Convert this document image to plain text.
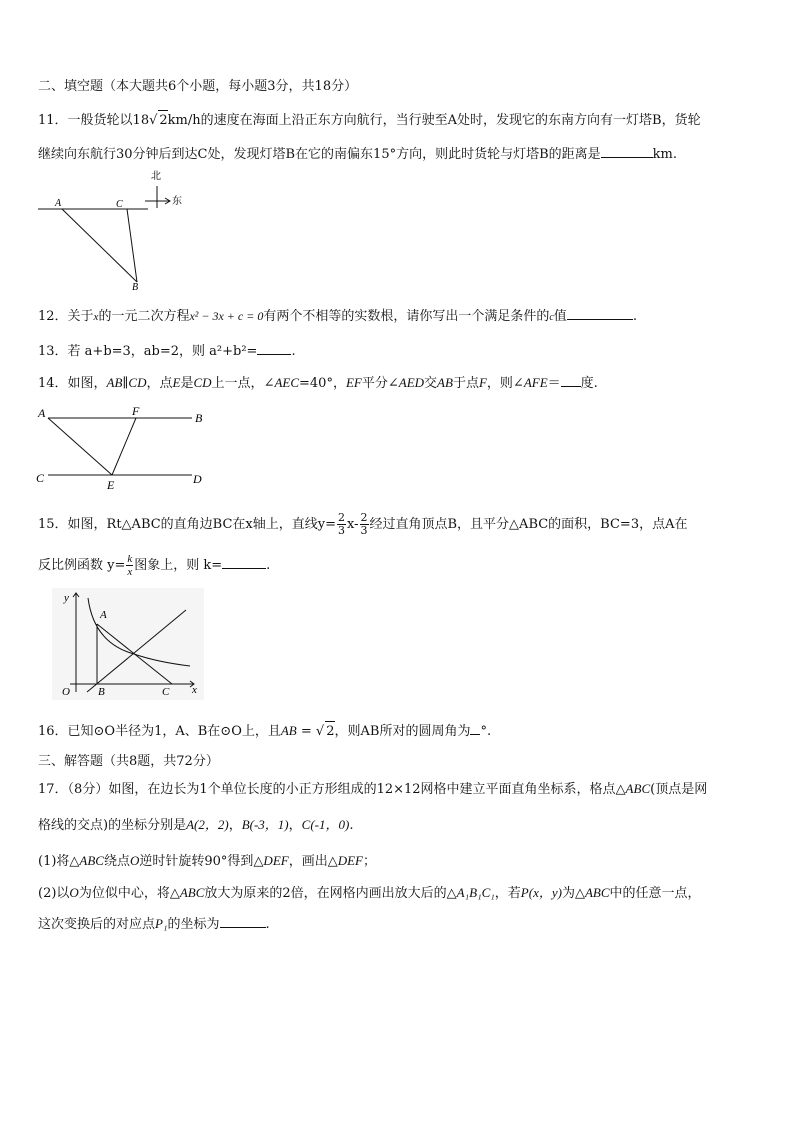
二、填空题（本大题共6个小题，每小题3分，共18分）
11．一般货轮以18√ 2km/h的速度在海面上沿正东方向航行，当行驶至A处时，发现它的东南方向有一灯塔B，货轮
继续向东航行30分钟后到达C处，发现灯塔B在它的南偏东15°方向，则此时货轮与灯塔B的距离是	km.
A	C
B
北
东
12．关于x的一元二次方程x² − 3x + c = 0有两个不相等的实数根，请你写出一个满足条件的c值	.
13．若 a+b=3，ab=2，则 a²+b²=	.
14．如图，AB∥CD，点E是CD上一点，∠AEC=40°，EF平分∠AED交AB于点F，则∠AFE＝ 度.
A	F	B
C	E	D
15．如图，Rt△ABC的直角边BC在x轴上，直线$y= \frac{2}{3} x- \frac{2}{3}$ 经过直角顶点B，且平分△ABC的面积，BC=3，点A在
反比例函数 $y= \frac{k}{x}$ 图象上，则 k=	.
y
A
O	B	C x
16．已知⊙O半径为1，A、B在⊙O上，且AB = √ 2，则AB所对的圆周角为 °.
三、解答题（共8题，共72分）
17．（8分）如图，在边长为1个单位长度的小正方形组成的12×12网格中建立平面直角坐标系，格点△ABC(顶点是网
格线的交点)的坐标分别是A(2，2)，B(-3，1)，C(-1，0).
(1)将△ABC绕点O逆时针旋转90°得到△DEF，画出△DEF；
(2)以O为位似中心，将△ABC放大为原来的2倍，在网格内画出放大后的△A₁B₁C₁，若P(x，y)为△ABC中的任意一点，
这次变换后的对应点P₁的坐标为	.
